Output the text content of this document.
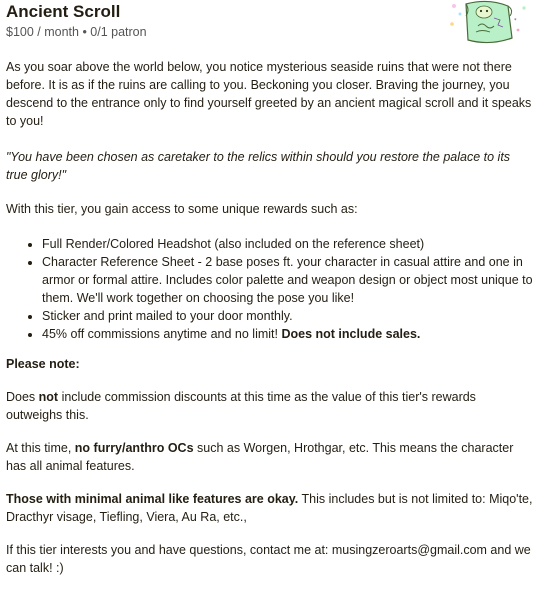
Ancient Scroll
$100 / month • 0/1 patron

As you soar above the world below, you notice mysterious seaside ruins that were not there before. It is as if the ruins are calling to you. Beckoning you closer. Braving the journey, you descend to the entrance only to find yourself greeted by an ancient magical scroll and it speaks to you!

"You have been chosen as caretaker to the relics within should you restore the palace to its true glory!"

With this tier, you gain access to some unique rewards such as:

• Full Render/Colored Headshot (also included on the reference sheet)
• Character Reference Sheet - 2 base poses ft. your character in casual attire and one in armor or formal attire. Includes color palette and weapon design or object most unique to them. We'll work together on choosing the pose you like!
• Sticker and print mailed to your door monthly.
• 45% off commissions anytime and no limit! Does not include sales.

Please note:

Does not include commission discounts at this time as the value of this tier's rewards outweighs this.

At this time, no furry/anthro OCs such as Worgen, Hrothgar, etc. This means the character has all animal features.

Those with minimal animal like features are okay. This includes but is not limited to: Miqo'te, Dracthyr visage, Tiefling, Viera, Au Ra, etc.,

If this tier interests you and have questions, contact me at: musingzeroarts@gmail.com and we can talk! :)

*
